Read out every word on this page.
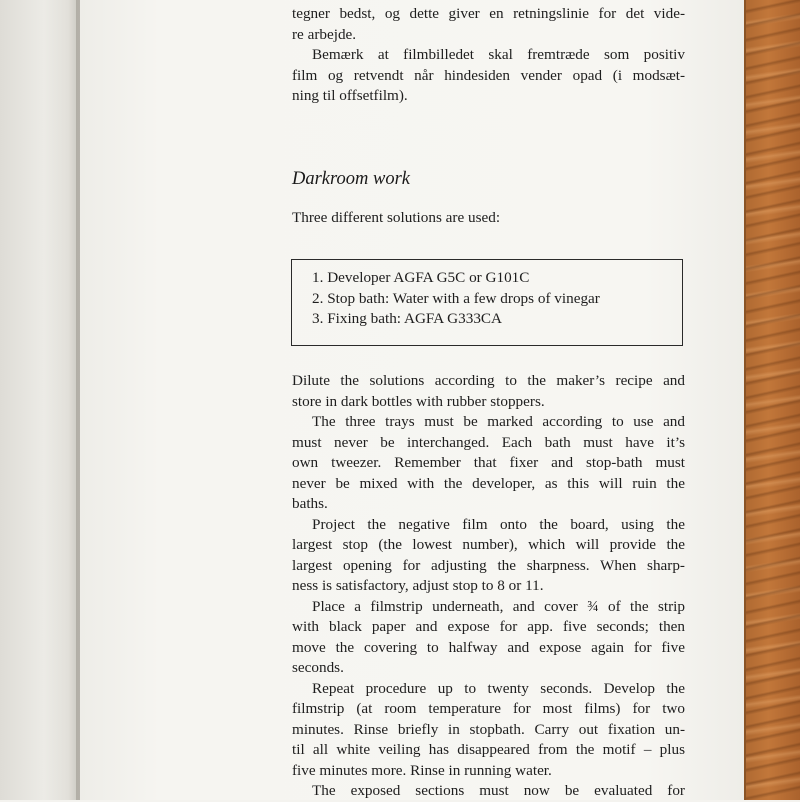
tegner bedst, og dette giver en retningslinie for det vide-
re arbejde.
Bemærk at filmbilledet skal fremtræde som positiv
film og retvendt når hindesiden vender opad (i modsæt-
ning til offsetfilm).
Darkroom work
Three different solutions are used:
1. Developer AGFA G5C or G101C
2. Stop bath: Water with a few drops of vinegar
3. Fixing bath: AGFA G333CA
Dilute the solutions according to the maker’s recipe and
store in dark bottles with rubber stoppers.
The three trays must be marked according to use and
must never be interchanged. Each bath must have it’s
own tweezer. Remember that fixer and stop-bath must
never be mixed with the developer, as this will ruin the
baths.
Project the negative film onto the board, using the
largest stop (the lowest number), which will provide the
largest opening for adjusting the sharpness. When sharp-
ness is satisfactory, adjust stop to 8 or 11.
Place a filmstrip underneath, and cover ¾ of the strip
with black paper and expose for app. five seconds; then
move the covering to halfway and expose again for five
seconds.
Repeat procedure up to twenty seconds. Develop the
filmstrip (at room temperature for most films) for two
minutes. Rinse briefly in stopbath. Carry out fixation un-
til all white veiling has disappeared from the motif – plus
five minutes more. Rinse in running water.
The exposed sections must now be evaluated for
